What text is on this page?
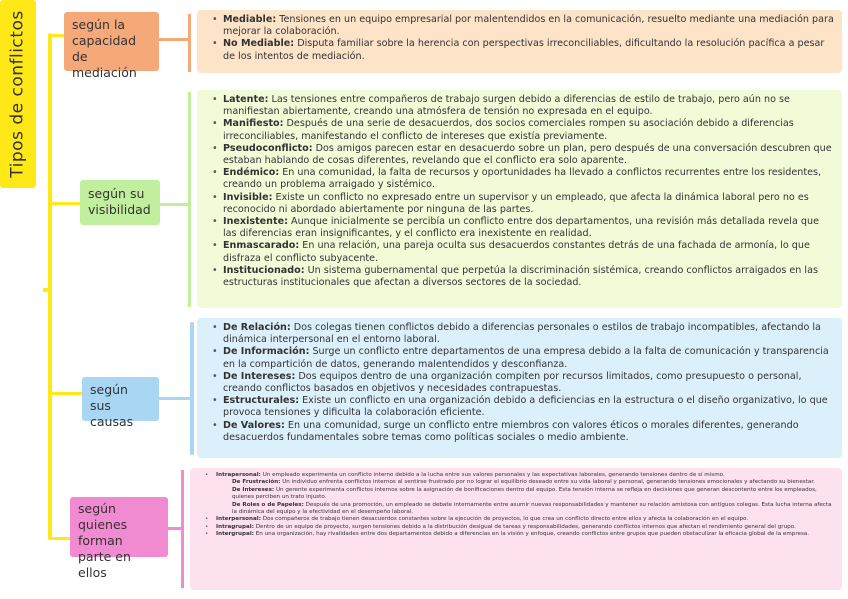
Tipos de conflictos	según la capacidad de mediación
según su visibilidad
según sus causas
según quienes forman parte en ellos
• Mediable: Tensiones en un equipo empresarial por malentendidos en la comunicación, resuelto mediante una mediación para mejorar la colaboración.
• No Mediable: Disputa familiar sobre la herencia con perspectivas irreconciliables, dificultando la resolución pacífica a pesar de los intentos de mediación.
• Latente: Las tensiones entre compañeros de trabajo surgen debido a diferencias de estilo de trabajo, pero aún no se manifiestan abiertamente, creando una atmósfera de tensión no expresada en el equipo.
• Manifiesto: Después de una serie de desacuerdos, dos socios comerciales rompen su asociación debido a diferencias irreconciliables, manifestando el conflicto de intereses que existía previamente.
• Pseudoconflicto: Dos amigos parecen estar en desacuerdo sobre un plan, pero después de una conversación descubren que estaban hablando de cosas diferentes, revelando que el conflicto era solo aparente.
• Endémico: En una comunidad, la falta de recursos y oportunidades ha llevado a conflictos recurrentes entre los residentes, creando un problema arraigado y sistémico.
• Invisible: Existe un conflicto no expresado entre un supervisor y un empleado, que afecta la dinámica laboral pero no es reconocido ni abordado abiertamente por ninguna de las partes.
• Inexistente: Aunque inicialmente se percibía un conflicto entre dos departamentos, una revisión más detallada revela que las diferencias eran insignificantes, y el conflicto era inexistente en realidad.
• Enmascarado: En una relación, una pareja oculta sus desacuerdos constantes detrás de una fachada de armonía, lo que disfraza el conflicto subyacente.
• Institucionado: Un sistema gubernamental que perpetúa la discriminación sistémica, creando conflictos arraigados en las estructuras institucionales que afectan a diversos sectores de la sociedad.
• De Relación: Dos colegas tienen conflictos debido a diferencias personales o estilos de trabajo incompatibles, afectando la dinámica interpersonal en el entorno laboral.
• De Información: Surge un conflicto entre departamentos de una empresa debido a la falta de comunicación y transparencia en la compartición de datos, generando malentendidos y desconfianza.
• De Intereses: Dos equipos dentro de una organización compiten por recursos limitados, como presupuesto o personal, creando conflictos basados en objetivos y necesidades contrapuestas.
• Estructurales: Existe un conflicto en una organización debido a deficiencias en la estructura o el diseño organizativo, lo que provoca tensiones y dificulta la colaboración eficiente.
• De Valores: En una comunidad, surge un conflicto entre miembros con valores éticos o morales diferentes, generando desacuerdos fundamentales sobre temas como políticas sociales o medio ambiente.
• Intrapersonal: Un empleado experimenta un conflicto interno debido a la lucha entre sus valores personales y las expectativas laborales, generando tensiones dentro de sí mismo.
De Frustración: Un individuo enfrenta conflictos internos al sentirse frustrado por no lograr el equilibrio deseado entre su vida laboral y personal, generando tensiones emocionales y afectando su bienestar.
De Intereses: Un gerente experimenta conflictos internos sobre la asignación de bonificaciones dentro del equipo. Esta tensión interna se refleja en decisiones que generan descontento entre los empleados, quienes perciben un trato injusto.
De Roles o de Papeles: Después de una promoción, un empleado se debate internamente entre asumir nuevas responsabilidades y mantener su relación amistosa con antiguos colegas. Esta lucha interna afecta la dinámica del equipo y la efectividad en el desempeño laboral.
• Interpersonal: Dos compañeros de trabajo tienen desacuerdos constantes sobre la ejecución de proyectos, lo que crea un conflicto directo entre ellos y afecta la colaboración en el equipo.
• Intragrupal: Dentro de un equipo de proyecto, surgen tensiones debido a la distribución desigual de tareas y responsabilidades, generando conflictos internos que afectan el rendimiento general del grupo.
• Intergrupal: En una organización, hay rivalidades entre dos departamentos debido a diferencias en la visión y enfoque, creando conflictos entre grupos que pueden obstaculizar la eficacia global de la empresa.
